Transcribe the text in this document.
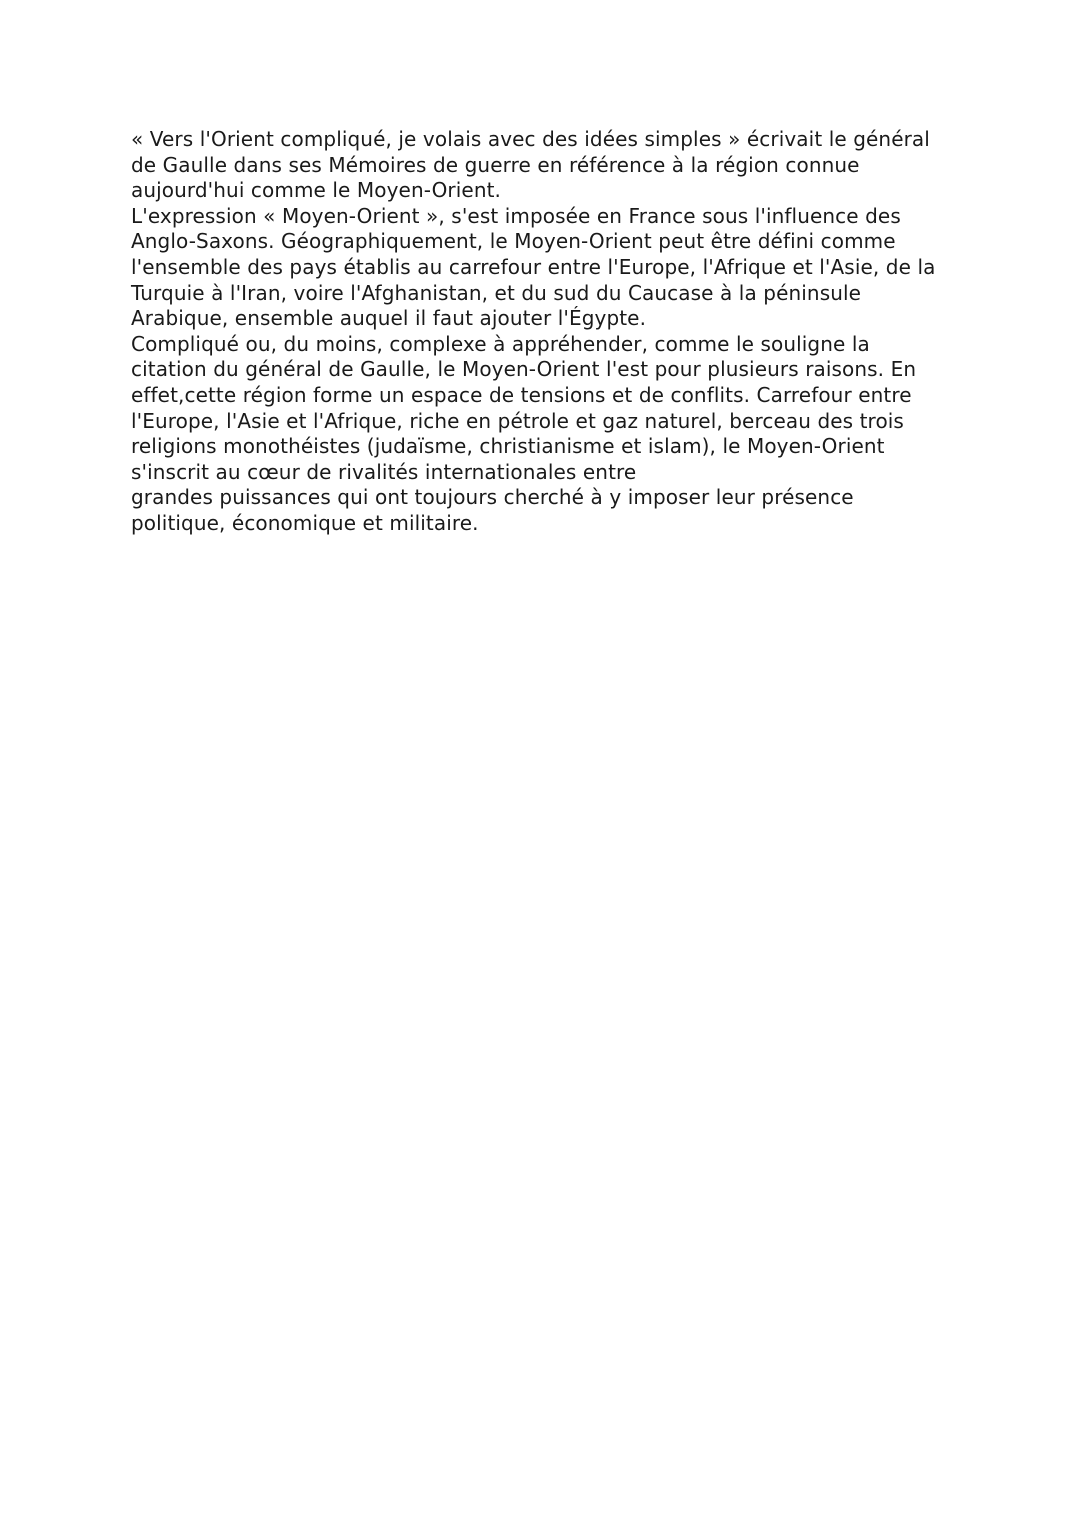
« Vers l'Orient compliqué, je volais avec des idées simples » écrivait le général
de Gaulle dans ses Mémoires de guerre en référence à la région connue
aujourd'hui comme le Moyen-Orient.
L'expression « Moyen-Orient », s'est imposée en France sous l'influence des
Anglo-Saxons. Géographiquement, le Moyen-Orient peut être défini comme
l'ensemble des pays établis au carrefour entre l'Europe, l'Afrique et l'Asie, de la
Turquie à l'Iran, voire l'Afghanistan, et du sud du Caucase à la péninsule
Arabique, ensemble auquel il faut ajouter l'Égypte.
Compliqué ou, du moins, complexe à appréhender, comme le souligne la
citation du général de Gaulle, le Moyen-Orient l'est pour plusieurs raisons. En
effet,cette région forme un espace de tensions et de conflits. Carrefour entre
l'Europe, l'Asie et l'Afrique, riche en pétrole et gaz naturel, berceau des trois
religions monothéistes (judaïsme, christianisme et islam), le Moyen-Orient
s'inscrit au cœur de rivalités internationales entre
grandes puissances qui ont toujours cherché à y imposer leur présence
politique, économique et militaire.
